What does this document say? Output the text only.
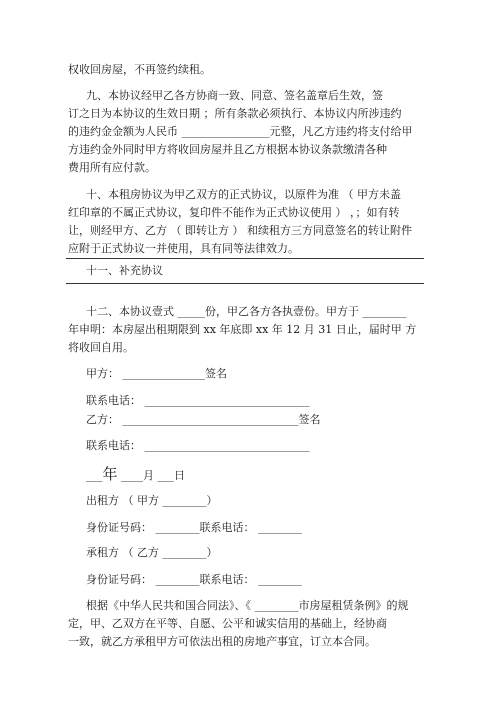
权收回房屋，不再签约续租。
九、本协议经甲乙各方协商一致、同意、签名盖章后生效，签
订之日为本协议的生效日期 ；所有条款必须执行、本协议内所涉违约
的违约金金额为人民币 ________________元整，凡乙方违约将支付给甲
方违约金外同时甲方将收回房屋并且乙方根据本协议条款缴清各种
费用所有应付款。
十、本租房协议为甲乙双方的正式协议，以原件为准 （ 甲方未盖
红印章的不属正式协议，复印件不能作为正式协议使用 ） ，；如有转
让，则经甲方、乙方 （ 即转让方 ） 和续租方三方同意签名的转让附件
应附于正式协议一并使用，具有同等法律效力。
十一、补充协议
十二、本协议壹式 _____份，甲乙各方各执壹份。甲方于 ________
年申明：本房屋出租期限到 xx 年底即 xx 年 12 月 31 日止，届时甲 方
将收回自用。
甲方： _______________签名
联系电话： ______________________________
乙方： ________________________________签名
联系电话： ______________________________
___年 ____月 ___日
出租方 （ 甲方 ________）
身份证号码： ________联系电话： ________
承租方 （ 乙方 ________）
身份证号码： ________联系电话： ________
根据《中华人民共和国合同法》、《 ________市房屋租赁条例》的规
定，甲、乙双方在平等、自愿、公平和诚实信用的基础上，经协商
一致，就乙方承租甲方可依法出租的房地产事宜，订立本合同。
